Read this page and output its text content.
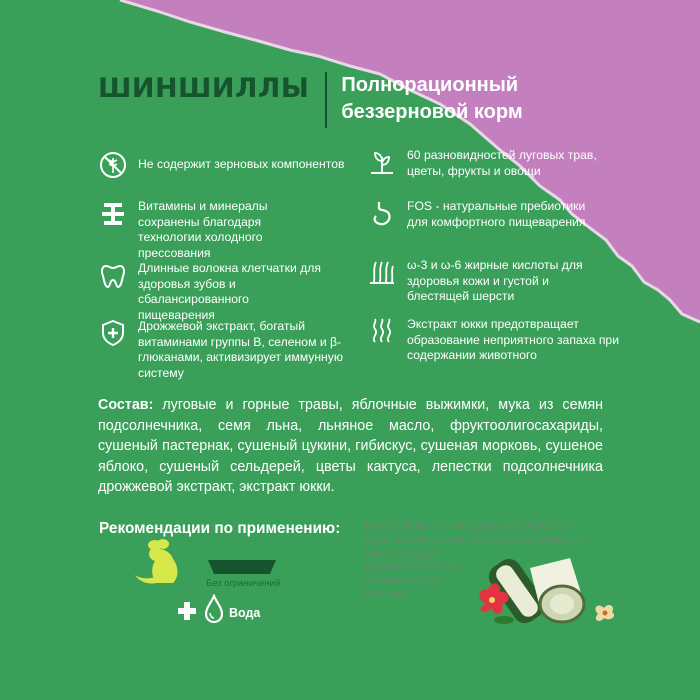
ШИНШИЛЛЫ Полнорационный
беззерновой корм
Не содержит зерновых компонентов
Витамины и минералы сохранены благодаря технологии холодного прессования
Длинные волокна клетчатки для здоровья зубов и сбалансированного пищеварения
Дрожжевой экстракт, богатый витаминами группы В, селеном и β-глюканами, активизирует иммунную систему
60 разновидностей луговых трав, цветы, фрукты и овощи
FOS - натуральные пребиотики для комфортного пищеварения
ω-3 и ω-6 жирные кислоты для здоровья кожи и густой и блестящей шерсти
Экстракт юкки предотвращает образование неприятного запаха при содержании животного
Состав: луговые и горные травы, яблочные выжимки, мука из семян подсолнечника, семя льна, льняное масло, фруктоолигосахариды, сушеный пастернак, сушеный цукини, гибискус, сушеная морковь, сушеное яблоко, сушеный сельдерей, цветы кактуса, лепестки подсолнечника дрожжевой экстракт, экстракт юкки.
Рекомендации по применению:
Без ограничений
Вода
Может быть использован как основной
корм, как источник сена или как дополне-
ние к сену для
разнообразия его
ботанического
состава
